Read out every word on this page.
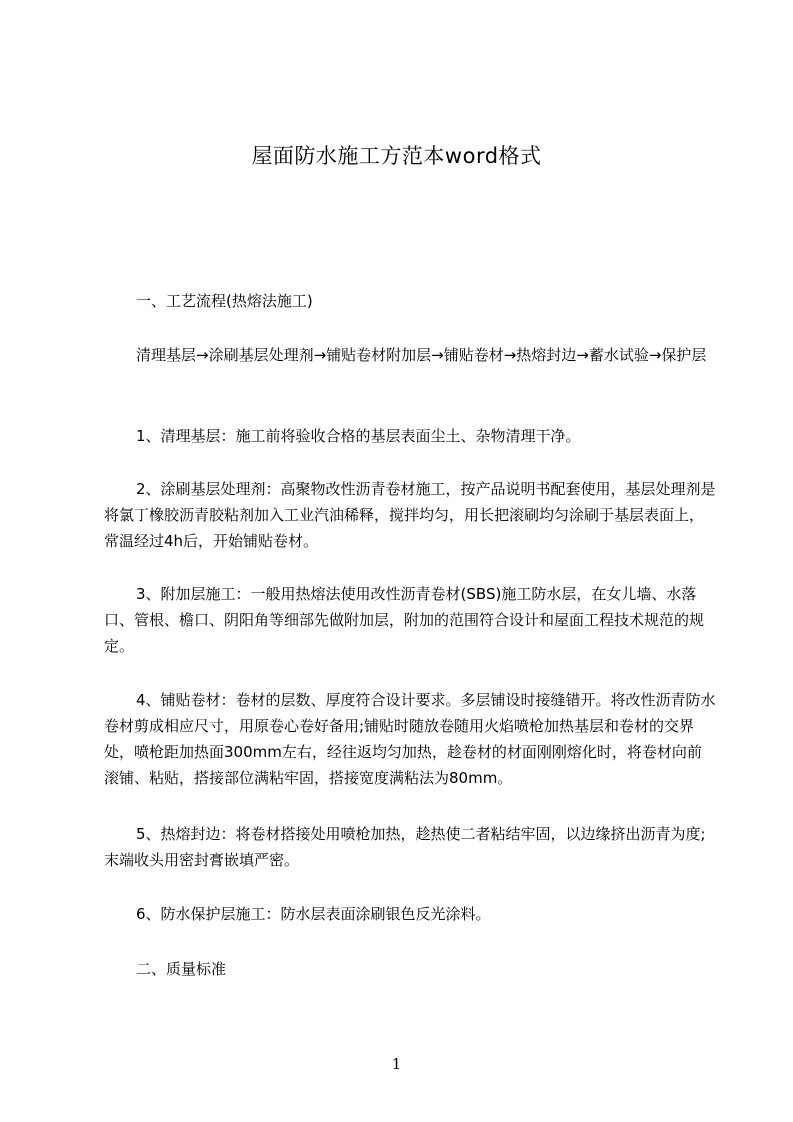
屋面防水施工方范本word格式
一、工艺流程(热熔法施工)
清理基层→涂刷基层处理剂→铺贴卷材附加层→铺贴卷材→热熔封边→蓄水试验→保护层
1、清理基层：施工前将验收合格的基层表面尘土、杂物清理干净。
2、涂刷基层处理剂：高聚物改性沥青卷材施工，按产品说明书配套使用，基层处理剂是将氯丁橡胶沥青胶粘剂加入工业汽油稀释，搅拌均匀，用长把滚刷均匀涂刷于基层表面上，常温经过4h后，开始铺贴卷材。
3、附加层施工：一般用热熔法使用改性沥青卷材(SBS)施工防水层，在女儿墙、水落口、管根、檐口、阴阳角等细部先做附加层，附加的范围符合设计和屋面工程技术规范的规定。
4、铺贴卷材：卷材的层数、厚度符合设计要求。多层铺设时接缝错开。将改性沥青防水卷材剪成相应尺寸，用原卷心卷好备用;铺贴时随放卷随用火焰喷枪加热基层和卷材的交界处，喷枪距加热面300mm左右，经往返均匀加热，趁卷材的材面刚刚熔化时，将卷材向前滚铺、粘贴，搭接部位满粘牢固，搭接宽度满粘法为80mm。
5、热熔封边：将卷材搭接处用喷枪加热，趁热使二者粘结牢固，以边缘挤出沥青为度;末端收头用密封膏嵌填严密。
6、防水保护层施工：防水层表面涂刷银色反光涂料。
二、质量标准
1
